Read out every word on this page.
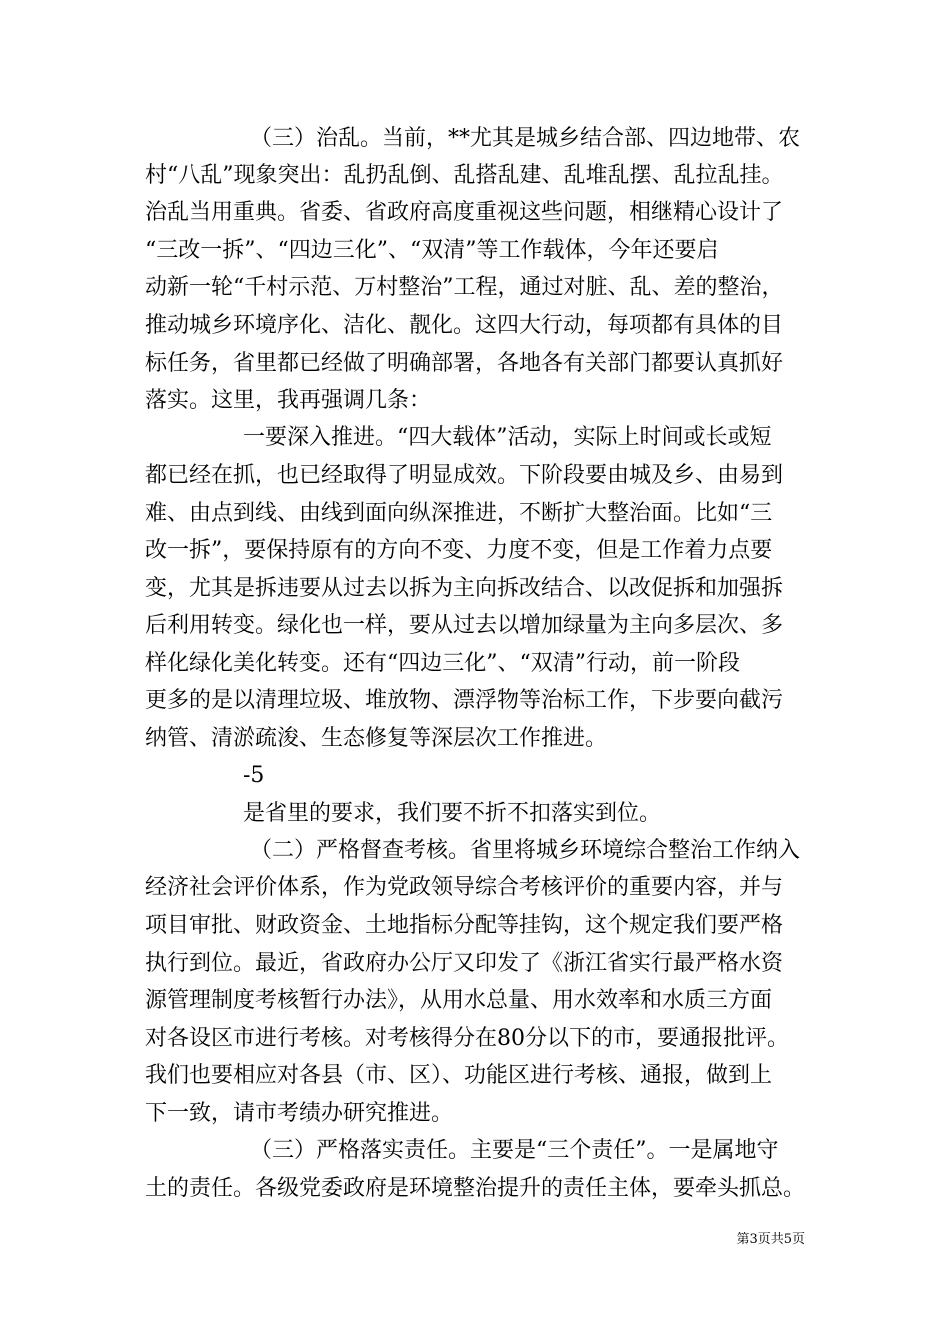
（三）治乱。当前，**尤其是城乡结合部、四边地带、农
村“八乱”现象突出：乱扔乱倒、乱搭乱建、乱堆乱摆、乱拉乱挂。
治乱当用重典。省委、省政府高度重视这些问题，相继精心设计了
“三改一拆”、“四边三化”、“双清”等工作载体，今年还要启
动新一轮“千村示范、万村整治”工程，通过对脏、乱、差的整治，
推动城乡环境序化、洁化、靓化。这四大行动，每项都有具体的目
标任务，省里都已经做了明确部署，各地各有关部门都要认真抓好
落实。这里，我再强调几条：
一要深入推进。“四大载体”活动，实际上时间或长或短
都已经在抓，也已经取得了明显成效。下阶段要由城及乡、由易到
难、由点到线、由线到面向纵深推进，不断扩大整治面。比如“三
改一拆”，要保持原有的方向不变、力度不变，但是工作着力点要
变，尤其是拆违要从过去以拆为主向拆改结合、以改促拆和加强拆
后利用转变。绿化也一样，要从过去以增加绿量为主向多层次、多
样化绿化美化转变。还有“四边三化”、“双清”行动，前一阶段
更多的是以清理垃圾、堆放物、漂浮物等治标工作，下步要向截污
纳管、清淤疏浚、生态修复等深层次工作推进。
-5
是省里的要求，我们要不折不扣落实到位。
（二）严格督查考核。省里将城乡环境综合整治工作纳入
经济社会评价体系，作为党政领导综合考核评价的重要内容，并与
项目审批、财政资金、土地指标分配等挂钩，这个规定我们要严格
执行到位。最近，省政府办公厅又印发了《浙江省实行最严格水资
源管理制度考核暂行办法》，从用水总量、用水效率和水质三方面
对各设区市进行考核。对考核得分在80分以下的市，要通报批评。
我们也要相应对各县（市、区）、功能区进行考核、通报，做到上
下一致，请市考绩办研究推进。
（三）严格落实责任。主要是“三个责任”。一是属地守
土的责任。各级党委政府是环境整治提升的责任主体，要牵头抓总。
第3页共5页
